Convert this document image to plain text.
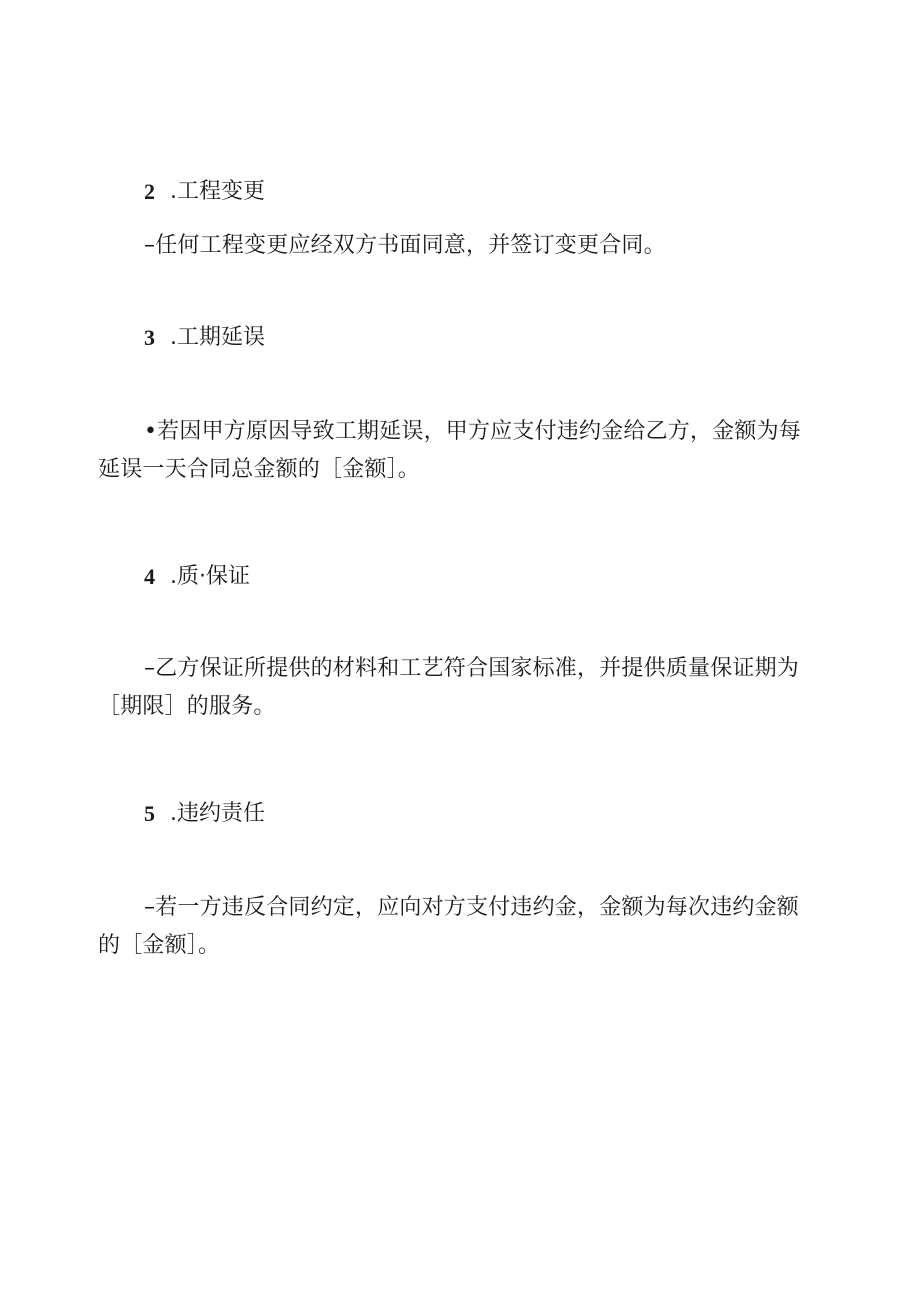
2 .工程变更
–任何工程变更应经双方书面同意，并签订变更合同。
3 .工期延误
•若因甲方原因导致工期延误，甲方应支付违约金给乙方，金额为每延误一天合同总金额的［金额］。
4 .质·保证
–乙方保证所提供的材料和工艺符合国家标准，并提供质量保证期为［期限］的服务。
5 .违约责任
–若一方违反合同约定，应向对方支付违约金，金额为每次违约金额的［金额］。
